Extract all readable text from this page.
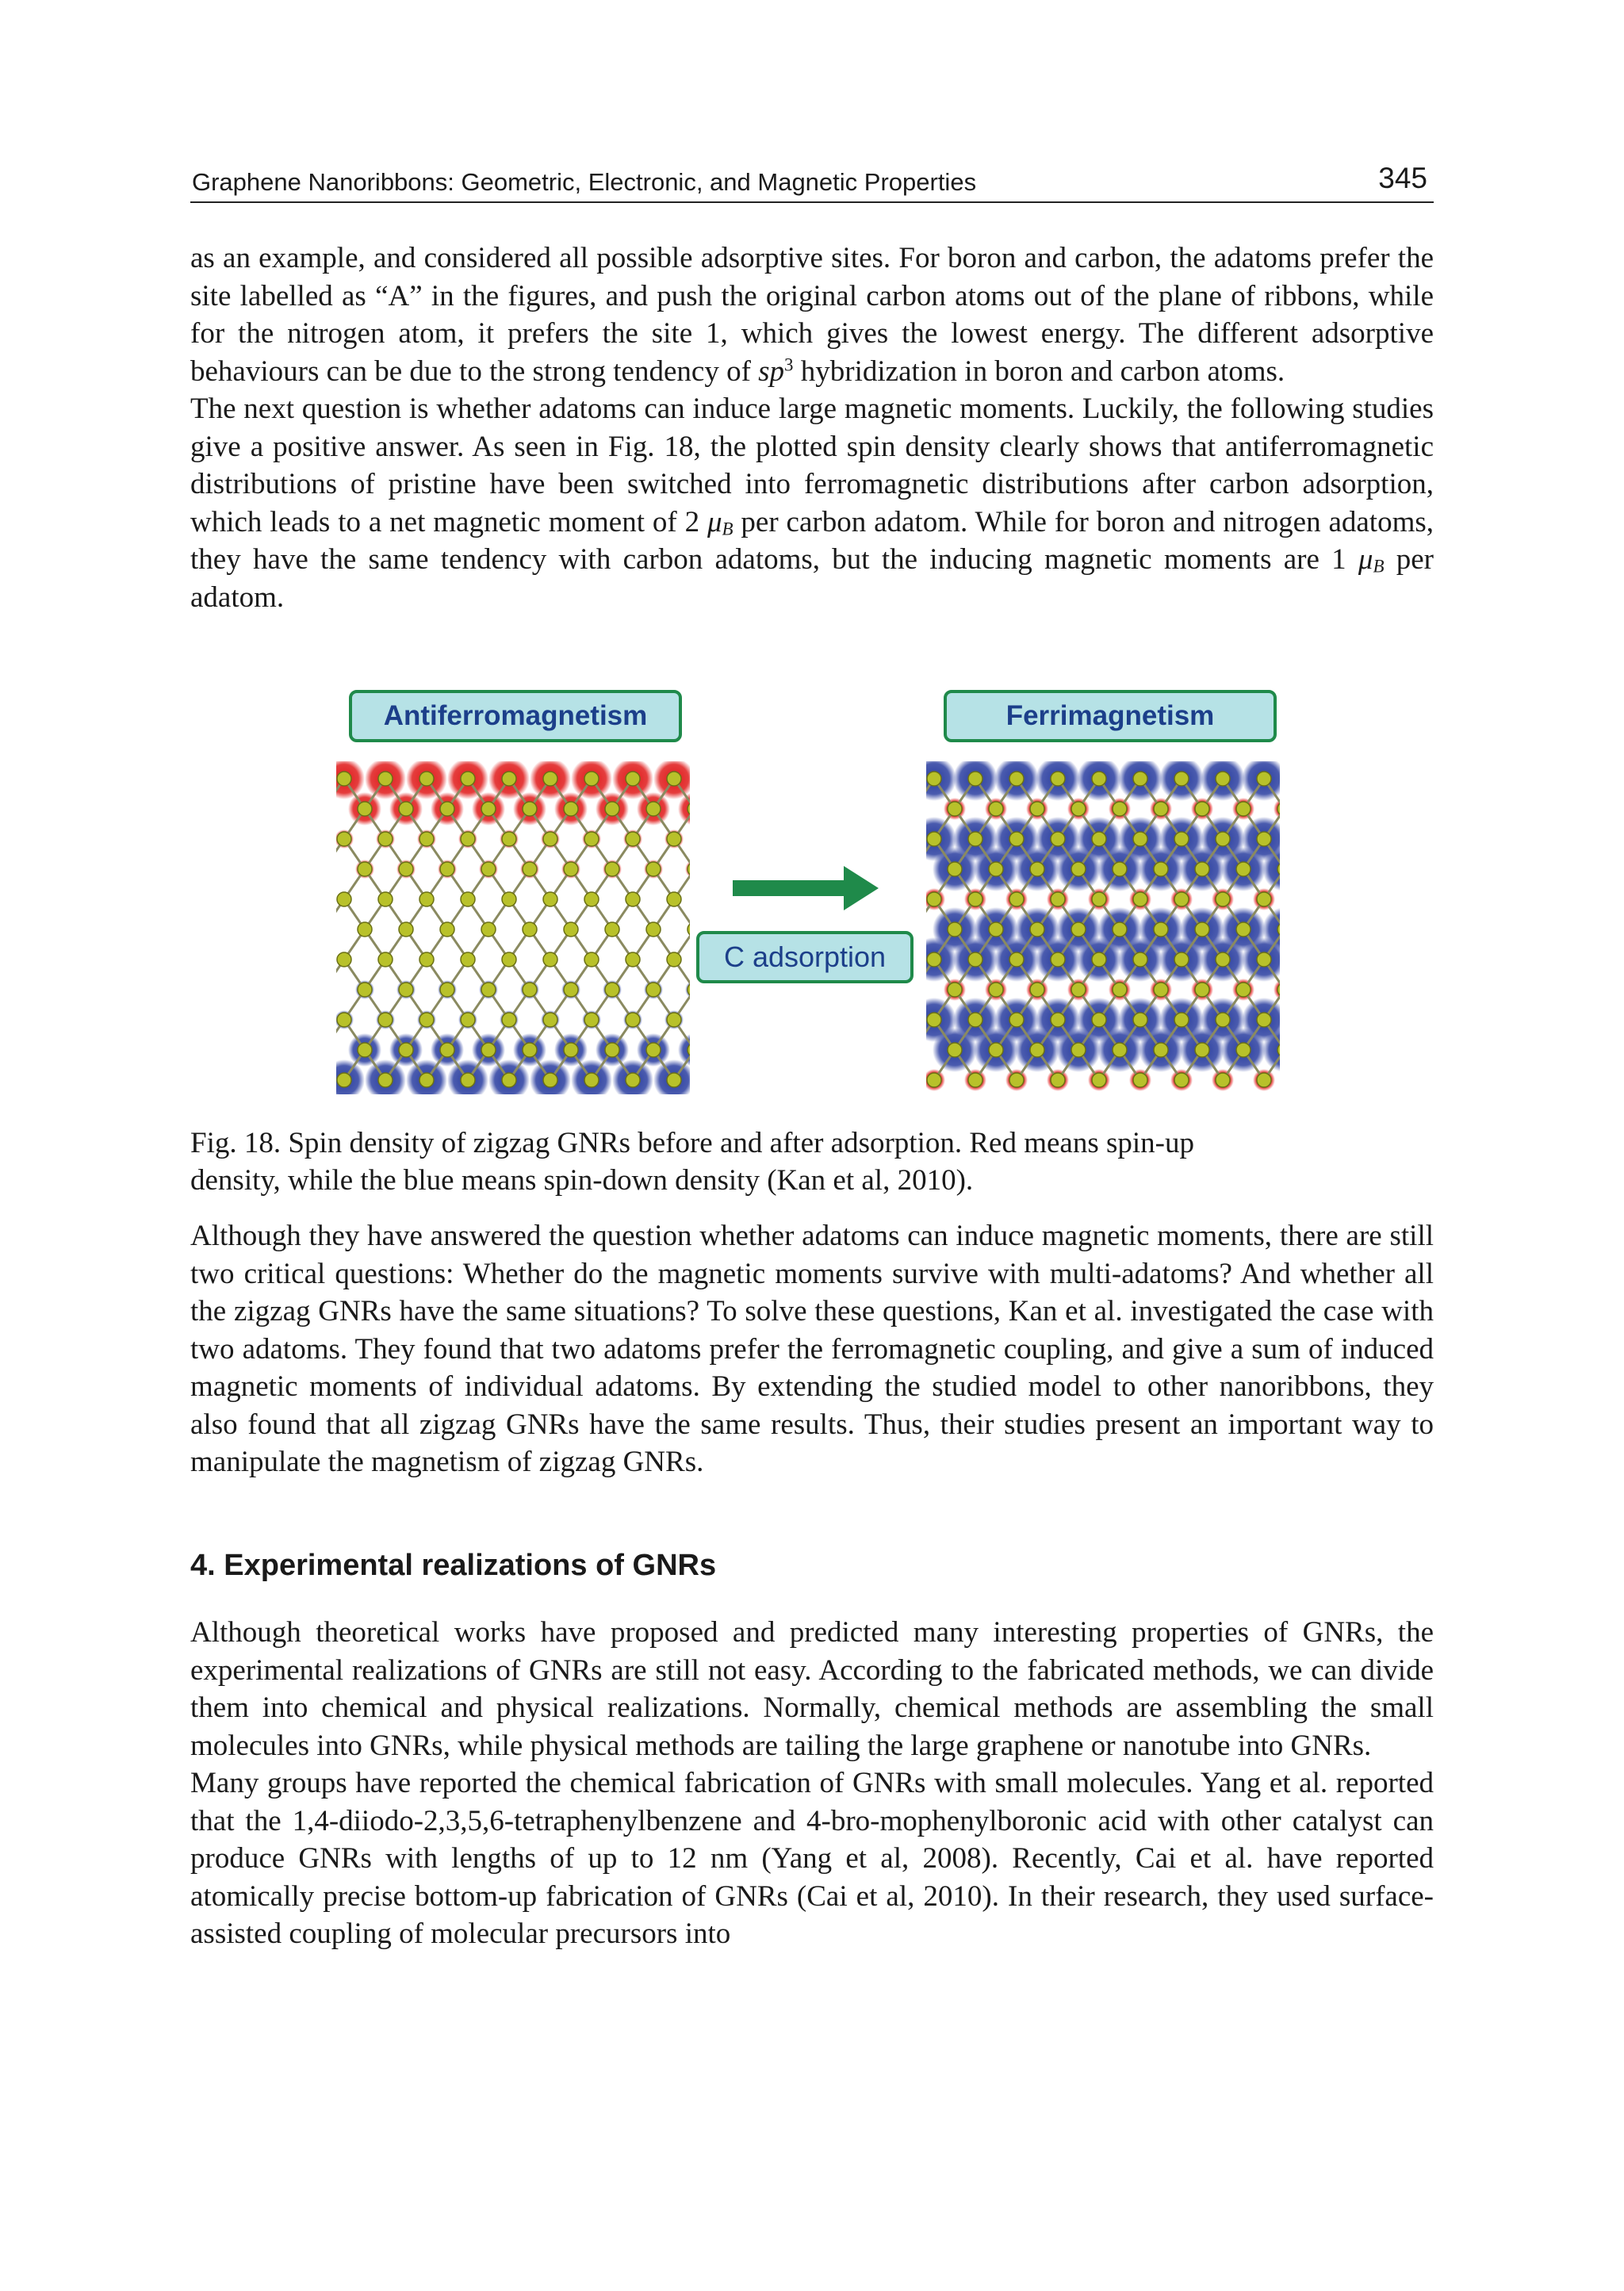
Graphene Nanoribbons: Geometric, Electronic, and Magnetic Properties	345

as an example, and considered all possible adsorptive sites. For boron and carbon, the adatoms prefer the site labelled as “A” in the figures, and push the original carbon atoms out of the plane of ribbons, while for the nitrogen atom, it prefers the site 1, which gives the lowest energy. The different adsorptive behaviours can be due to the strong tendency of $sp^3$ hybridization in boron and carbon atoms.

The next question is whether adatoms can induce large magnetic moments. Luckily, the following studies give a positive answer. As seen in Fig. 18, the plotted spin density clearly shows that antiferromagnetic distributions of pristine have been switched into ferromagnetic distributions after carbon adsorption, which leads to a net magnetic moment of 2 $\mu_B$ per carbon adatom. While for boron and nitrogen adatoms, they have the same tendency with carbon adatoms, but the inducing magnetic moments are 1 $\mu_B$ per adatom.

Antiferromagnetism	Ferrimagnetism
C adsorption

Fig. 18. Spin density of zigzag GNRs before and after adsorption. Red means spin-up

density, while the blue means spin-down density (Kan et al, 2010).

Although they have answered the question whether adatoms can induce magnetic moments, there are still two critical questions: Whether do the magnetic moments survive with multi-adatoms? And whether all the zigzag GNRs have the same situations? To solve these questions, Kan et al. investigated the case with two adatoms. They found that two adatoms prefer the ferromagnetic coupling, and give a sum of induced magnetic moments of individual adatoms. By extending the studied model to other nanoribbons, they also found that all zigzag GNRs have the same results. Thus, their studies present an important way to manipulate the magnetism of zigzag GNRs.

4. Experimental realizations of GNRs

Although theoretical works have proposed and predicted many interesting properties of GNRs, the experimental realizations of GNRs are still not easy. According to the fabricated methods, we can divide them into chemical and physical realizations. Normally, chemical methods are assembling the small molecules into GNRs, while physical methods are tailing the large graphene or nanotube into GNRs.

Many groups have reported the chemical fabrication of GNRs with small molecules. Yang et al. reported that the 1,4-diiodo-2,3,5,6-tetraphenylbenzene and 4-bro-mophenylboronic acid with other catalyst can produce GNRs with lengths of up to 12 nm (Yang et al, 2008). Recently, Cai et al. have reported atomically precise bottom-up fabrication of GNRs (Cai et al, 2010). In their research, they used surface-assisted coupling of molecular precursors into
